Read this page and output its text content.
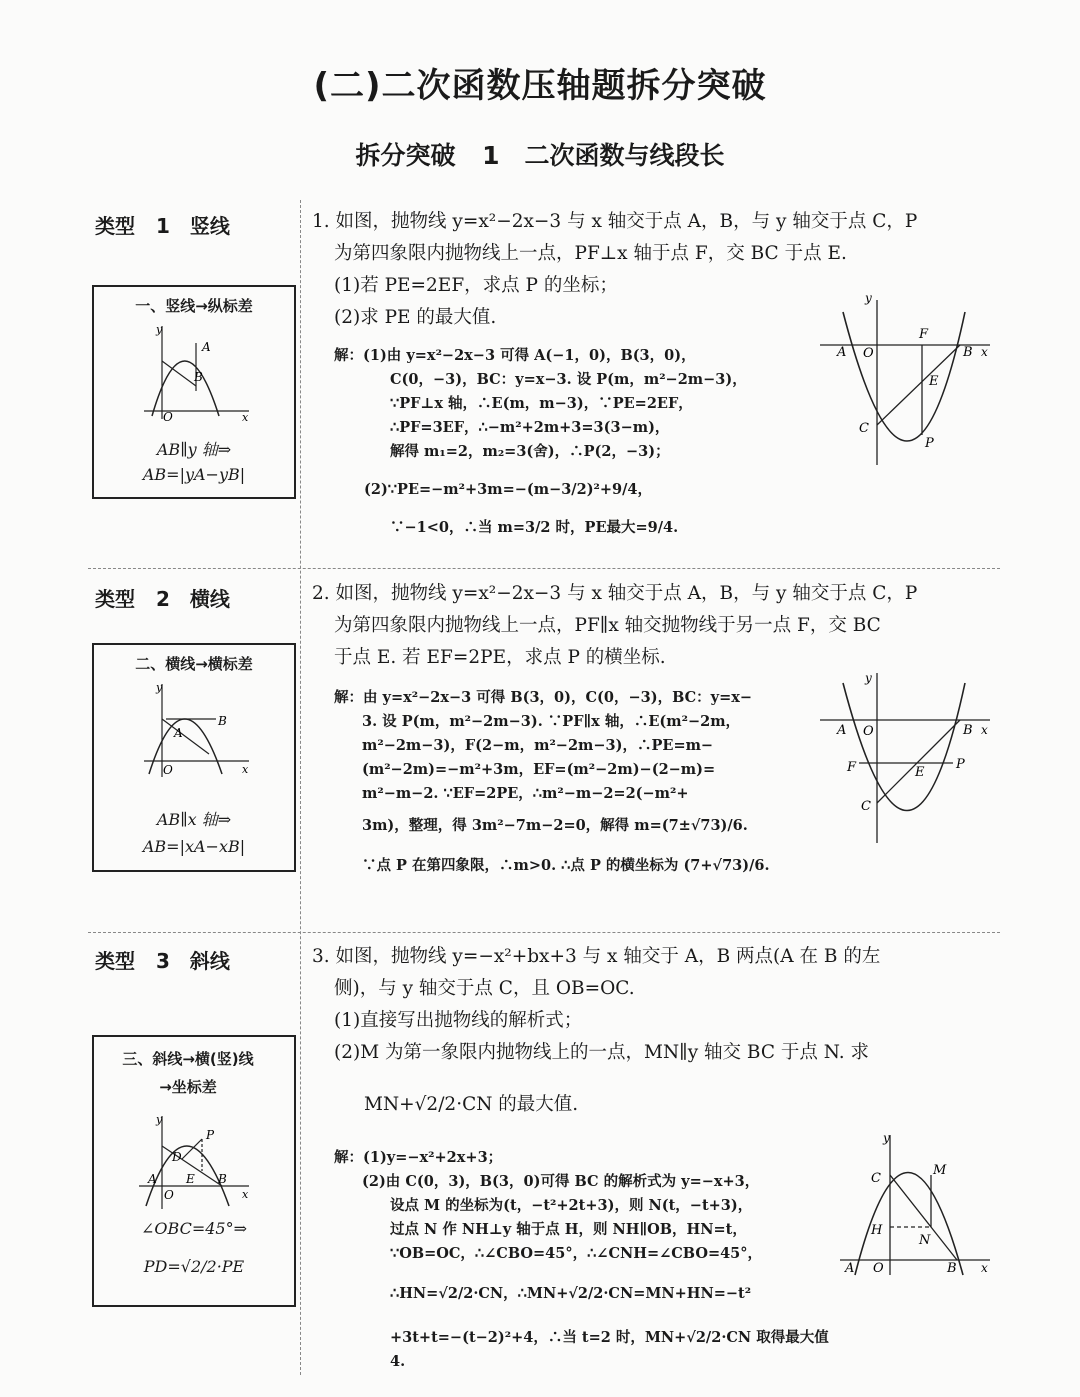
(二)二次函数压轴题拆分突破
拆分突破 1　二次函数与线段长
类型 1　竖线
一、竖线→纵标差
y
A
B
O	x
AB∥y 轴⇒
AB=|yA−yB|

1. 如图，抛物线 y=x²−2x−3 与 x 轴交于点 A，B，与 y 轴交于点 C，P

为第四象限内抛物线上一点，PF⊥x 轴于点 F，交 BC 于点 E.

(1)若 PE=2EF，求点 P 的坐标；

(2)求 PE 的最大值.

解：(1)由 y=x²−2x−3 可得 A(−1，0)，B(3，0)，
C(0，−3)，BC：y=x−3. 设 P(m，m²−2m−3)，
∵PF⊥x 轴，∴E(m，m−3)，∵PE=2EF，
∴PF=3EF，∴−m²+2m+3=3(3−m)，
解得 m₁=2，m₂=3(舍)，∴P(2，−3)；
(2)∵PE=−m²+3m=−(m−3/2)²+9/4，
∵−1<0，∴当 m=3/2 时，PE最大=9/4.
y
x
A O
F
B
E
C
P
类型 2　横线
二、横线→横标差
y
A
B
O	x
AB∥x 轴⇒
AB=|xA−xB|

2. 如图，抛物线 y=x²−2x−3 与 x 轴交于点 A，B，与 y 轴交于点 C，P

为第四象限内抛物线上一点，PF∥x 轴交抛物线于另一点 F，交 BC

于点 E. 若 EF=2PE，求点 P 的横坐标.

解：由 y=x²−2x−3 可得 B(3，0)，C(0，−3)，BC：y=x−
3. 设 P(m，m²−2m−3). ∵PF∥x 轴，∴E(m²−2m，
m²−2m−3)，F(2−m，m²−2m−3)，∴PE=m−
(m²−2m)=−m²+3m，EF=(m²−2m)−(2−m)=
m²−m−2. ∵EF=2PE，∴m²−m−2=2(−m²+
3m)，整理，得 3m²−7m−2=0，解得 m=(7±√73)/6.
∵点 P 在第四象限，∴m>0. ∴点 P 的横坐标为 (7+√73)/6.
y
A O	B x
F	E
P
C
类型 3　斜线
三、斜线→横(竖)线→坐标差
y
P
D
A E B
O	x
∠OBC=45°⇒
PD=√2/2·PE

3. 如图，抛物线 y=−x²+bx+3 与 x 轴交于 A，B 两点(A 在 B 的左

侧)，与 y 轴交于点 C，且 OB=OC.

(1)直接写出抛物线的解析式；

(2)M 为第一象限内抛物线上的一点，MN∥y 轴交 BC 于点 N. 求

MN+√2/2·CN 的最大值.

解：(1)y=−x²+2x+3；
(2)由 C(0，3)，B(3，0)可得 BC 的解析式为 y=−x+3，
设点 M 的坐标为(t，−t²+2t+3)，则 N(t，−t+3)，
过点 N 作 NH⊥y 轴于点 H，则 NH∥OB，HN=t，
∵OB=OC，∴∠CBO=45°，∴∠CNH=∠CBO=45°，
∴HN=√2/2·CN，∴MN+√2/2·CN=MN+HN=−t²
+3t+t=−(t−2)²+4，∴当 t=2 时，MN+√2/2·CN 取得最大值 4.
y
C
M
H
N
A O	B x
